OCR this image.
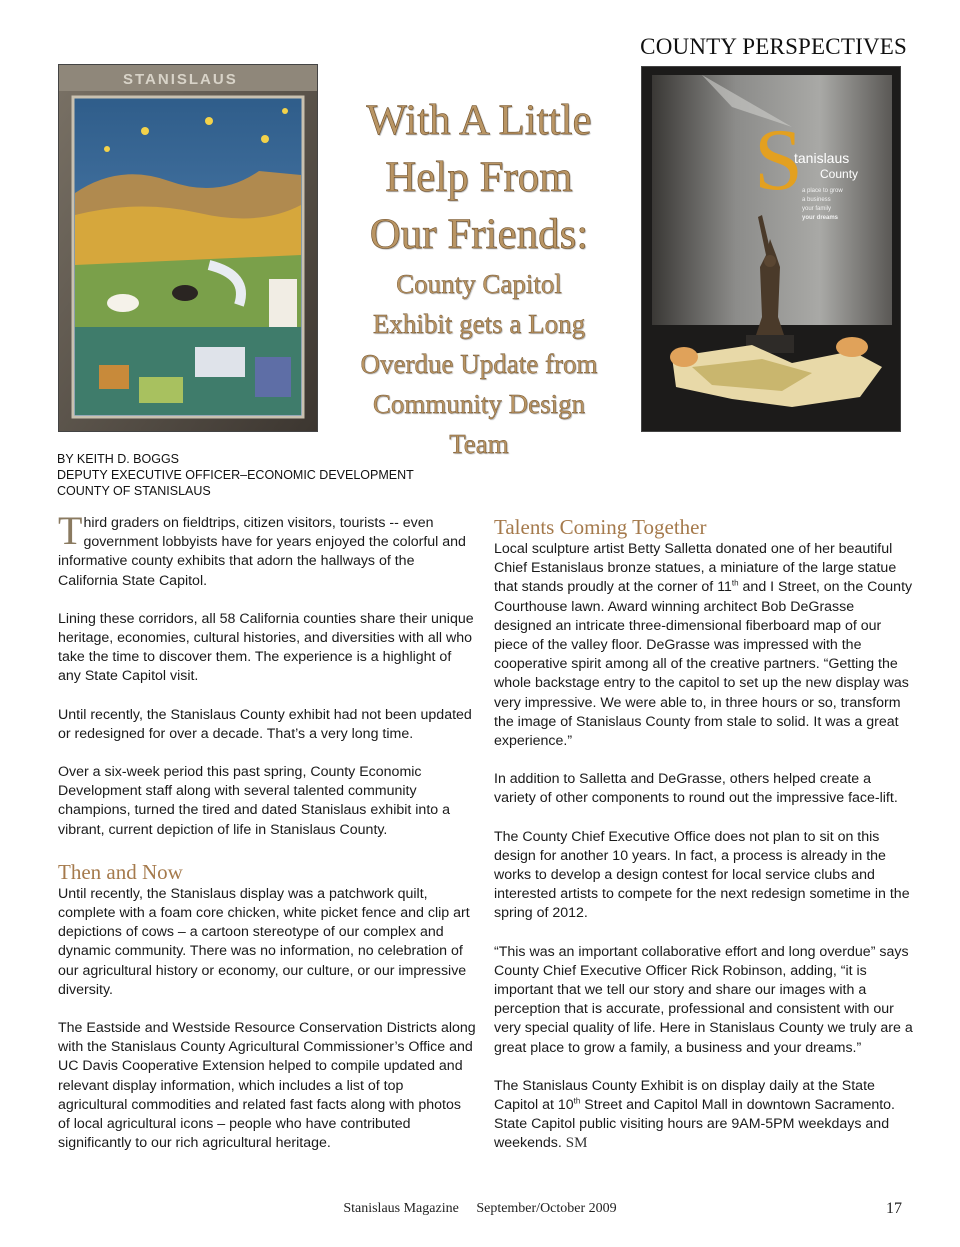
COUNTY PERSPECTIVES
STANISLAUS
With A Little
Help From
Our Friends:
County Capitol
Exhibit gets a Long
Overdue Update from
Community Design
Team
S
tanislaus
County
a place to grow
a business
your family
your dreams
BY KEITH D. BOGGS
DEPUTY EXECUTIVE OFFICER–ECONOMIC DEVELOPMENT
COUNTY OF STANISLAUS

Third graders on fieldtrips, citizen visitors, tourists -- even government lobbyists have for years enjoyed the colorful and informative county exhibits that adorn the hallways of the California State Capitol.

Lining these corridors, all 58 California counties share their unique heritage, economies, cultural histories, and diversities with all who take the time to discover them. The experience is a highlight of any State Capitol visit.

Until recently, the Stanislaus County exhibit had not been updated or redesigned for over a decade. That’s a very long time.

Over a six-week period this past spring, County Economic Development staff along with several talented community champions, turned the tired and dated Stanislaus exhibit into a vibrant, current depiction of life in Stanislaus County.

Then and Now

Until recently, the Stanislaus display was a patchwork quilt, complete with a foam core chicken, white picket fence and clip art depictions of cows – a cartoon stereotype of our complex and dynamic community. There was no information, no celebration of our agricultural history or economy, our culture, or our impressive diversity.

The Eastside and Westside Resource Conservation Districts along with the Stanislaus County Agricultural Commissioner’s Office and UC Davis Cooperative Extension helped to compile updated and relevant display information, which includes a list of top agricultural commodities and related fast facts along with photos of local agricultural icons – people who have contributed significantly to our rich agricultural heritage.

Talents Coming Together

Local sculpture artist Betty Salletta donated one of her beautiful Chief Estanislaus bronze statues, a miniature of the large statue that stands proudly at the corner of 11th and I Street, on the County Courthouse lawn. Award winning architect Bob DeGrasse designed an intricate three-dimensional fiberboard map of our piece of the valley floor. DeGrasse was impressed with the cooperative spirit among all of the creative partners. “Getting the whole backstage entry to the capitol to set up the new display was very impressive. We were able to, in three hours or so, transform the image of Stanislaus County from stale to solid. It was a great experience.”

In addition to Salletta and DeGrasse, others helped create a variety of other components to round out the impressive face-lift.

The County Chief Executive Office does not plan to sit on this design for another 10 years. In fact, a process is already in the works to develop a design contest for local service clubs and interested artists to compete for the next redesign sometime in the spring of 2012.

“This was an important collaborative effort and long overdue” says County Chief Executive Officer Rick Robinson, adding, “it is important that we tell our story and share our images with a perception that is accurate, professional and consistent with our very special quality of life. Here in Stanislaus County we truly are a great place to grow a family, a business and your dreams.”

The Stanislaus County Exhibit is on display daily at the State Capitol at 10th Street and Capitol Mall in downtown Sacramento. State Capitol public visiting hours are 9AM-5PM weekdays and weekends. SM

Stanislaus Magazine September/October 2009	17
